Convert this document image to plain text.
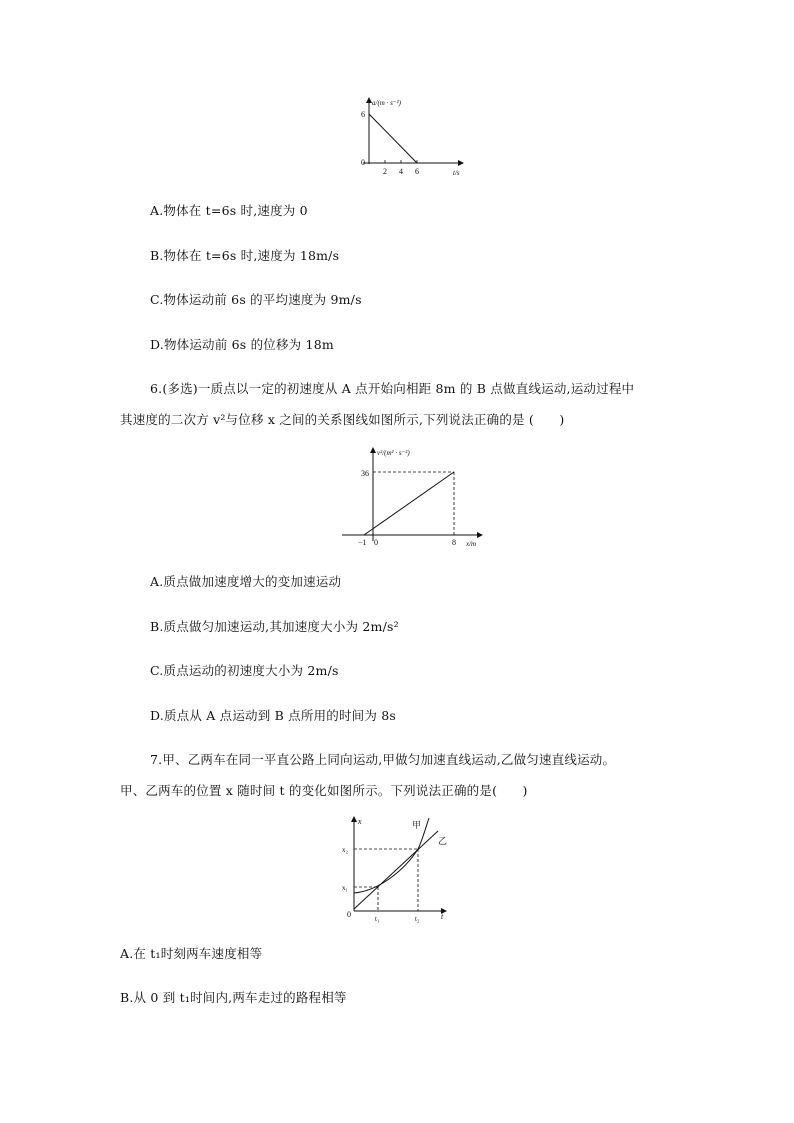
a/(m · s⁻²)
6
0
2 4 6	t/s
A.物体在 t=6s 时,速度为 0
B.物体在 t=6s 时,速度为 18m/s
C.物体运动前 6s 的平均速度为 9m/s
D.物体运动前 6s 的位移为 18m
6.(多选)一质点以一定的初速度从 A 点开始向相距 8m 的 B 点做直线运动,运动过程中
其速度的二次方 v²与位移 x 之间的关系图线如图所示,下列说法正确的是 (　　)
v²/(m² · s⁻²)
36
−1 0	8 x/m
A.质点做加速度增大的变加速运动
B.质点做匀加速运动,其加速度大小为 2m/s²
C.质点运动的初速度大小为 2m/s
D.质点从 A 点运动到 B 点所用的时间为 8s
7.甲、乙两车在同一平直公路上同向运动,甲做匀加速直线运动,乙做匀速直线运动。
甲、乙两车的位置 x 随时间 t 的变化如图所示。下列说法正确的是(　　)
x	甲
乙
x₂
x₁
0	t₁	t₂	t
A.在 t₁时刻两车速度相等
B.从 0 到 t₁时间内,两车走过的路程相等
